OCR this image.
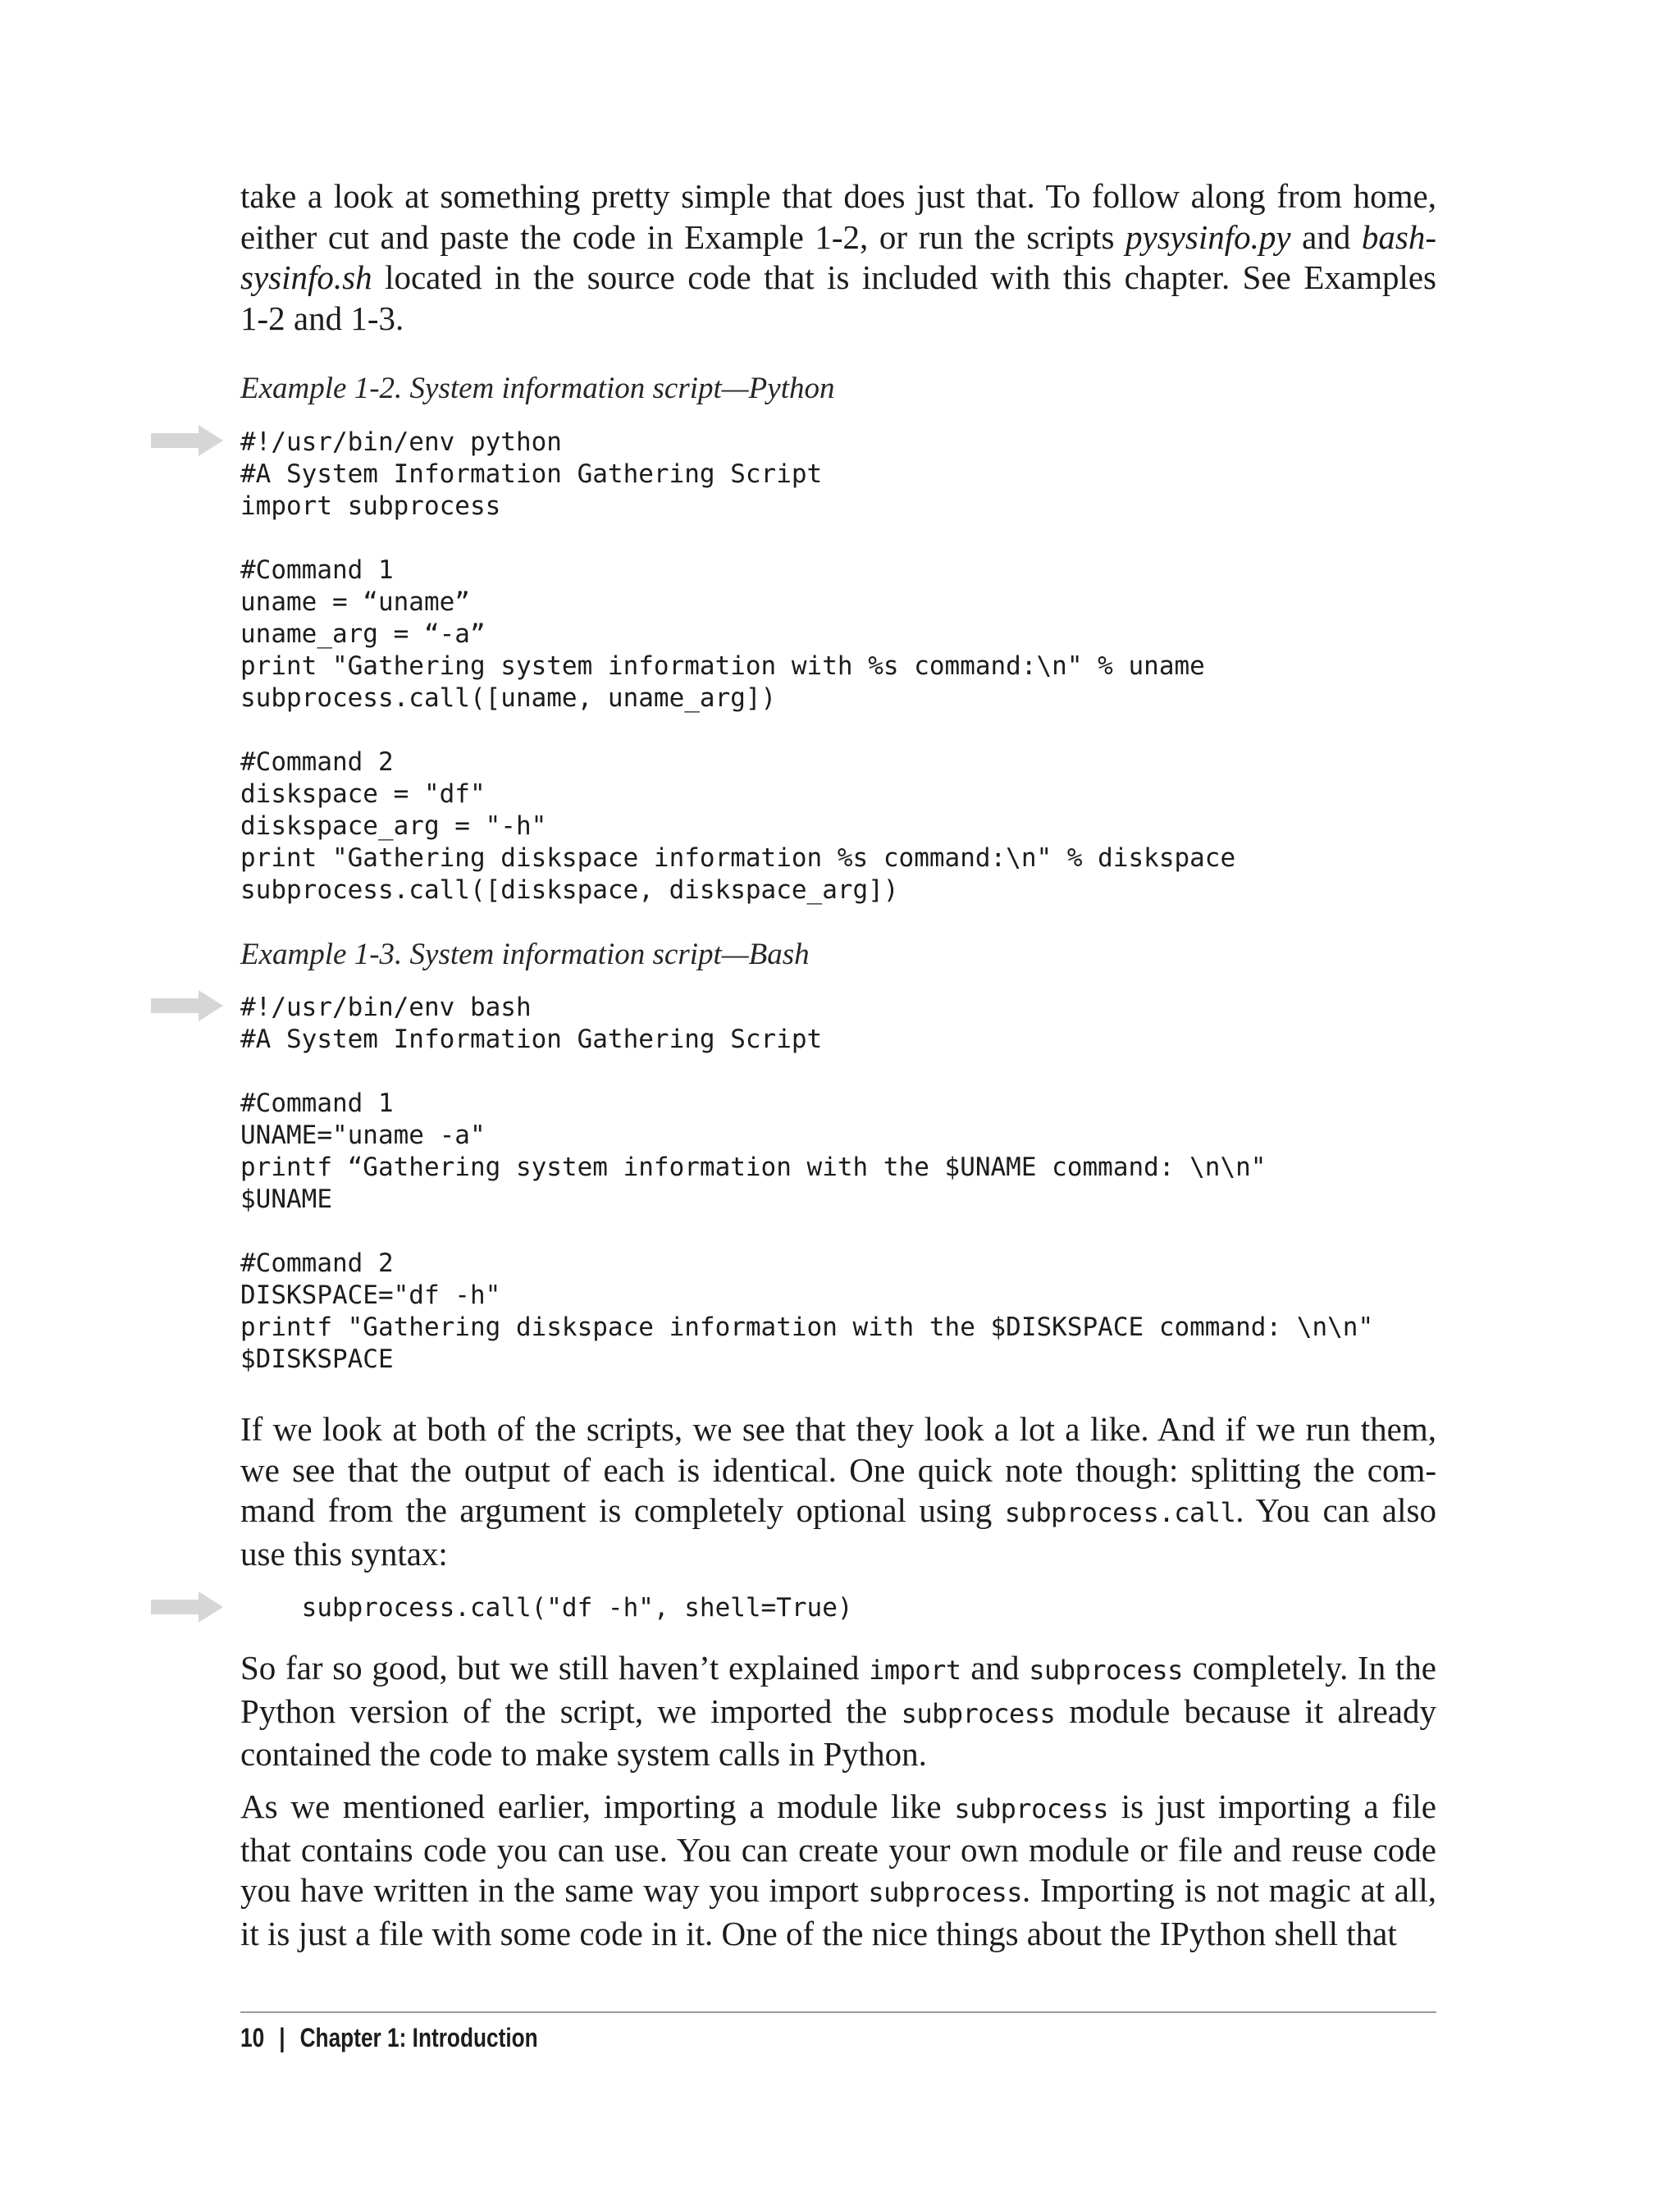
take a look at something pretty simple that does just that. To follow along from home,
either cut and paste the code in Example 1-2, or run the scripts pysysinfo.py and bash-
sysinfo.sh located in the source code that is included with this chapter. See Examples
1-2 and 1-3.

Example 1-2. System information script—Python
#!/usr/bin/env python
#A System Information Gathering Script
import subprocess
#Command 1
uname = “uname”
uname_arg = “-a”
print "Gathering system information with %s command:\n" % uname
subprocess.call([uname, uname_arg])
#Command 2
diskspace = "df"
diskspace_arg = "-h"
print "Gathering diskspace information %s command:\n" % diskspace
subprocess.call([diskspace, diskspace_arg])
Example 1-3. System information script—Bash
#!/usr/bin/env bash
#A System Information Gathering Script
#Command 1
UNAME="uname -a"
printf “Gathering system information with the $UNAME command: \n\n"
$UNAME
#Command 2
DISKSPACE="df -h"
printf "Gathering diskspace information with the $DISKSPACE command: \n\n"
$DISKSPACE

If we look at both of the scripts, we see that they look a lot a like. And if we run them,
we see that the output of each is identical. One quick note though: splitting the com-
mand from the argument is completely optional using subprocess.call. You can also
use this syntax:

subprocess.call("df -h", shell=True)

So far so good, but we still haven’t explained import and subprocess completely. In the
Python version of the script, we imported the subprocess module because it already
contained the code to make system calls in Python.

As we mentioned earlier, importing a module like subprocess is just importing a file
that contains code you can use. You can create your own module or file and reuse code
you have written in the same way you import subprocess. Importing is not magic at all,
it is just a file with some code in it. One of the nice things about the IPython shell that

10 | Chapter 1: Introduction
